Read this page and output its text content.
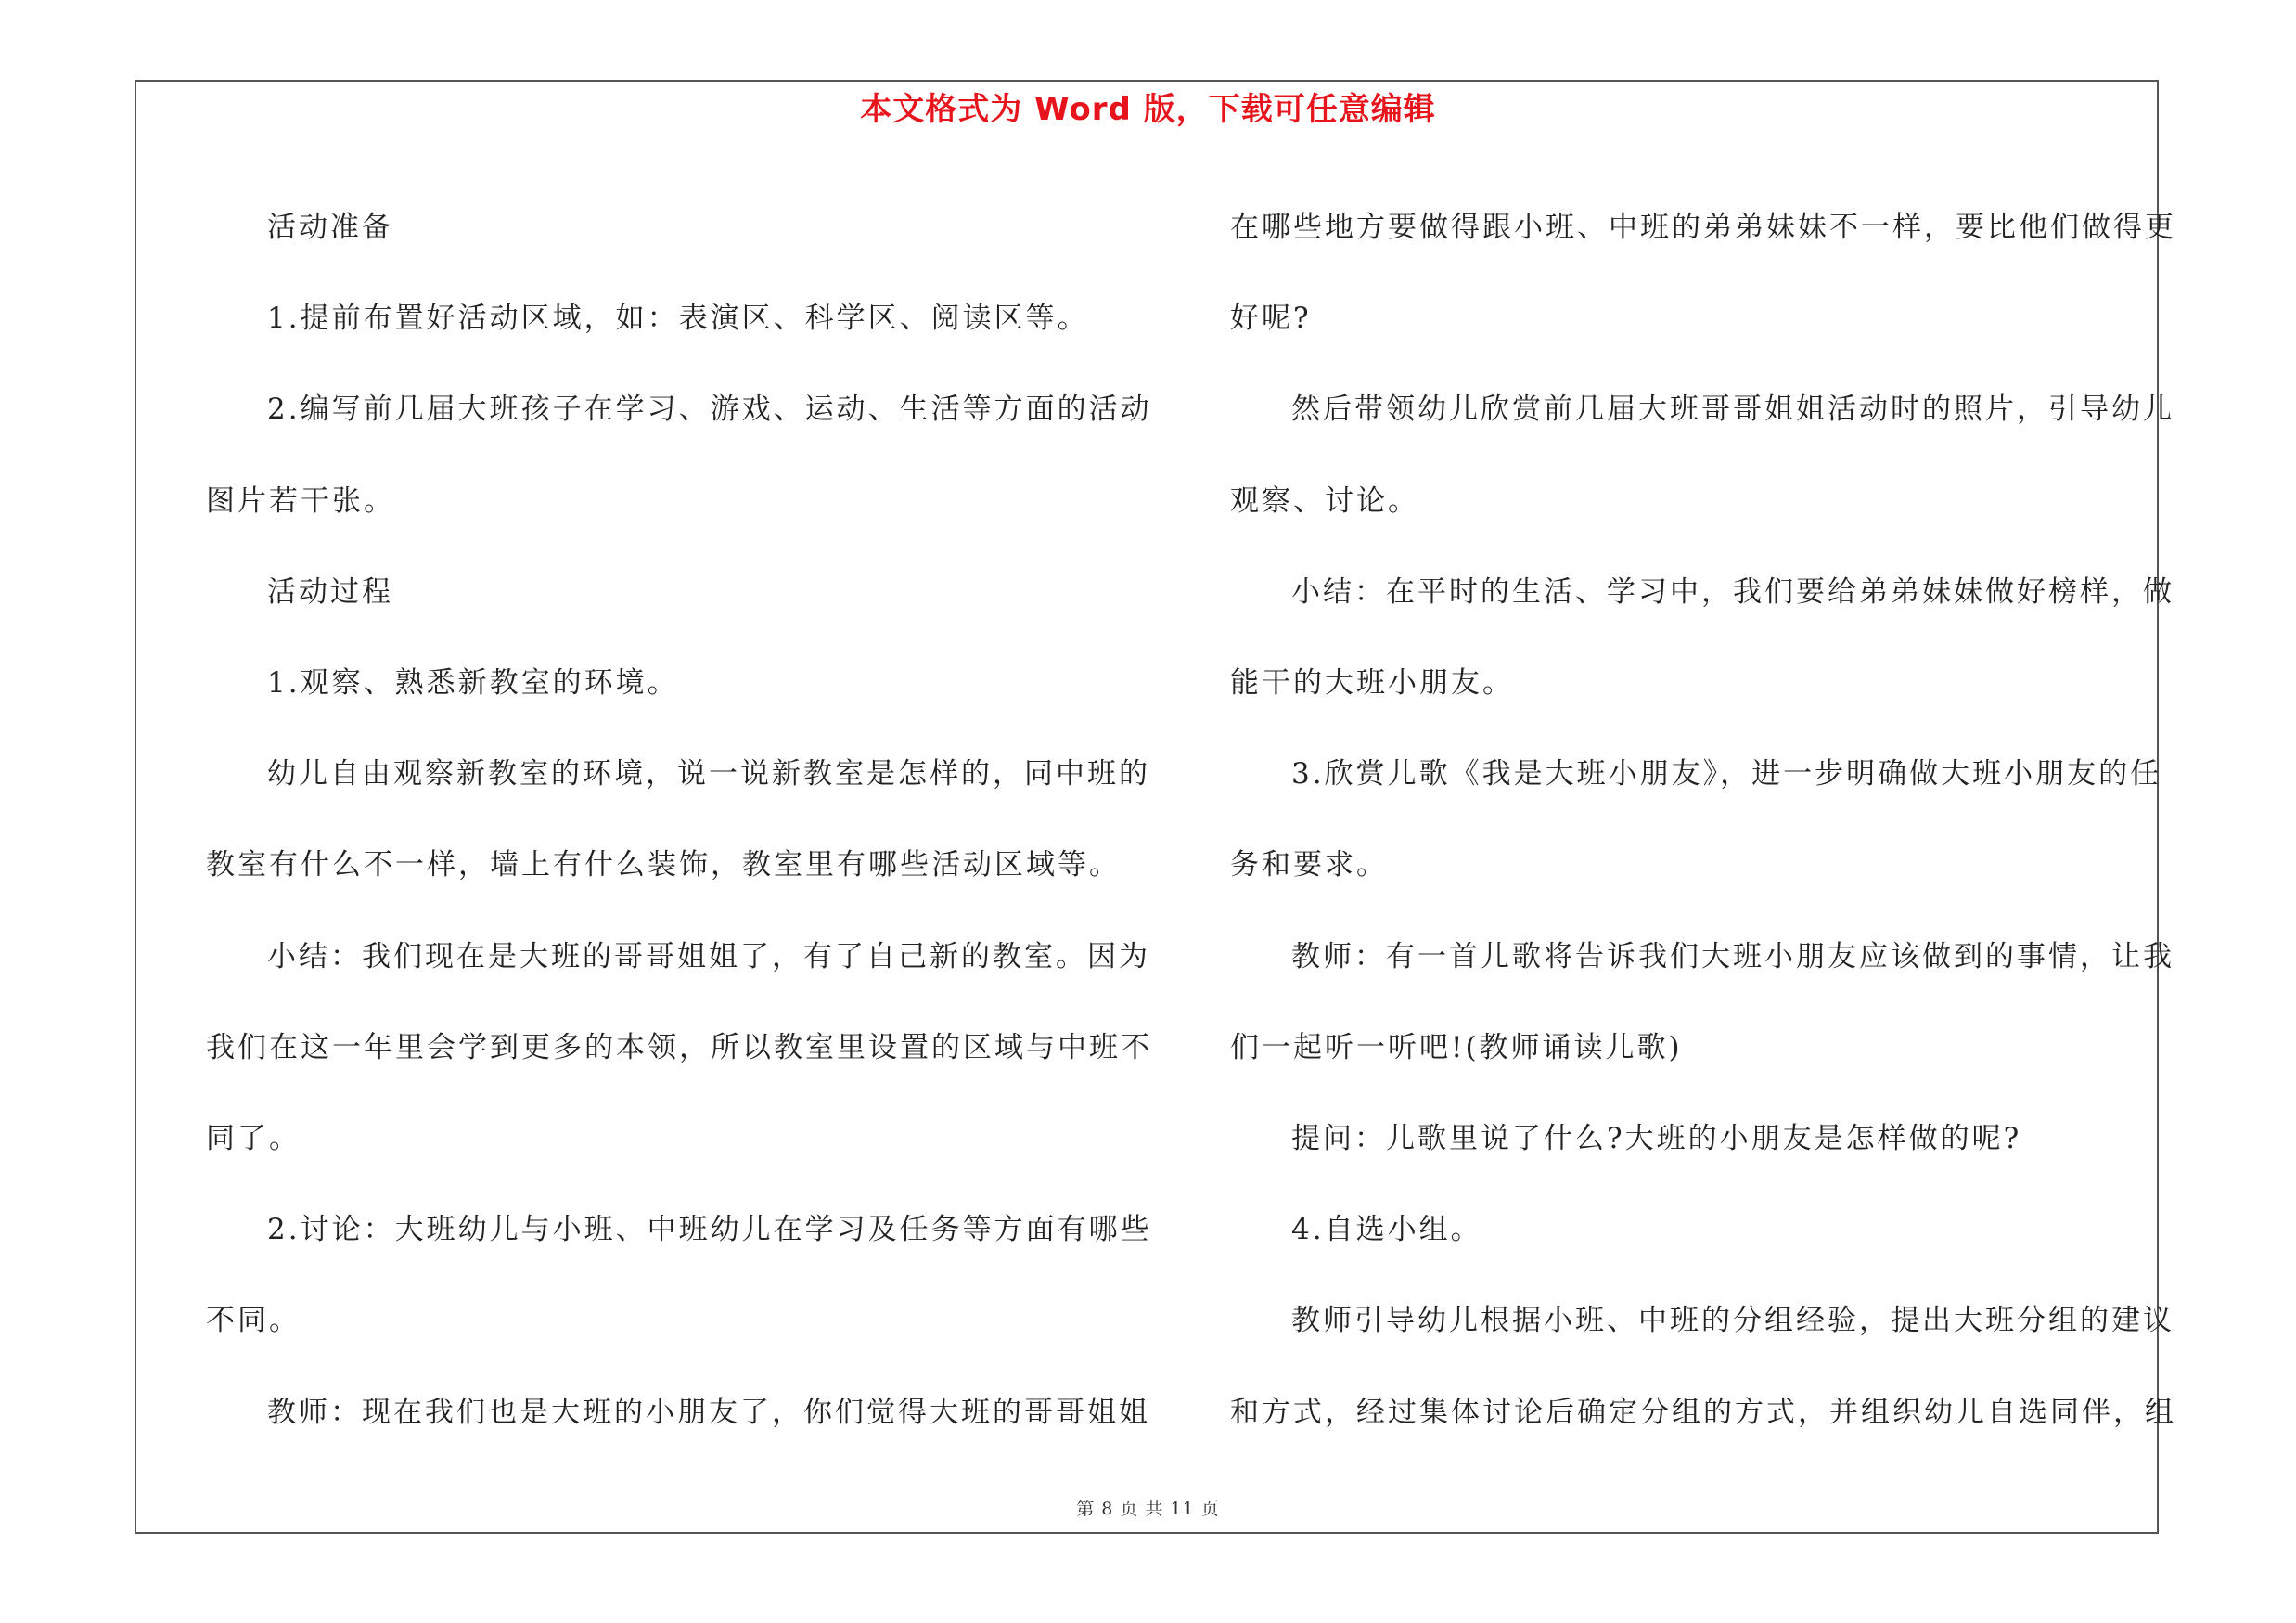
本文格式为 Word 版，下载可任意编辑
活动准备
1.提前布置好活动区域，如：表演区、科学区、阅读区等。
2.编写前几届大班孩子在学习、游戏、运动、生活等方面的活动
图片若干张。
活动过程
1.观察、熟悉新教室的环境。
幼儿自由观察新教室的环境，说一说新教室是怎样的，同中班的
教室有什么不一样，墙上有什么装饰，教室里有哪些活动区域等。
小结：我们现在是大班的哥哥姐姐了，有了自己新的教室。因为
我们在这一年里会学到更多的本领，所以教室里设置的区域与中班不
同了。
2.讨论：大班幼儿与小班、中班幼儿在学习及任务等方面有哪些
不同。
教师：现在我们也是大班的小朋友了，你们觉得大班的哥哥姐姐
在哪些地方要做得跟小班、中班的弟弟妹妹不一样，要比他们做得更
好呢?
然后带领幼儿欣赏前几届大班哥哥姐姐活动时的照片，引导幼儿
观察、讨论。
小结：在平时的生活、学习中，我们要给弟弟妹妹做好榜样，做
能干的大班小朋友。
3.欣赏儿歌《我是大班小朋友》，进一步明确做大班小朋友的任
务和要求。
教师：有一首儿歌将告诉我们大班小朋友应该做到的事情，让我
们一起听一听吧!(教师诵读儿歌)
提问：儿歌里说了什么?大班的小朋友是怎样做的呢?
4.自选小组。
教师引导幼儿根据小班、中班的分组经验，提出大班分组的建议
和方式，经过集体讨论后确定分组的方式，并组织幼儿自选同伴，组
第 8 页 共 11 页
